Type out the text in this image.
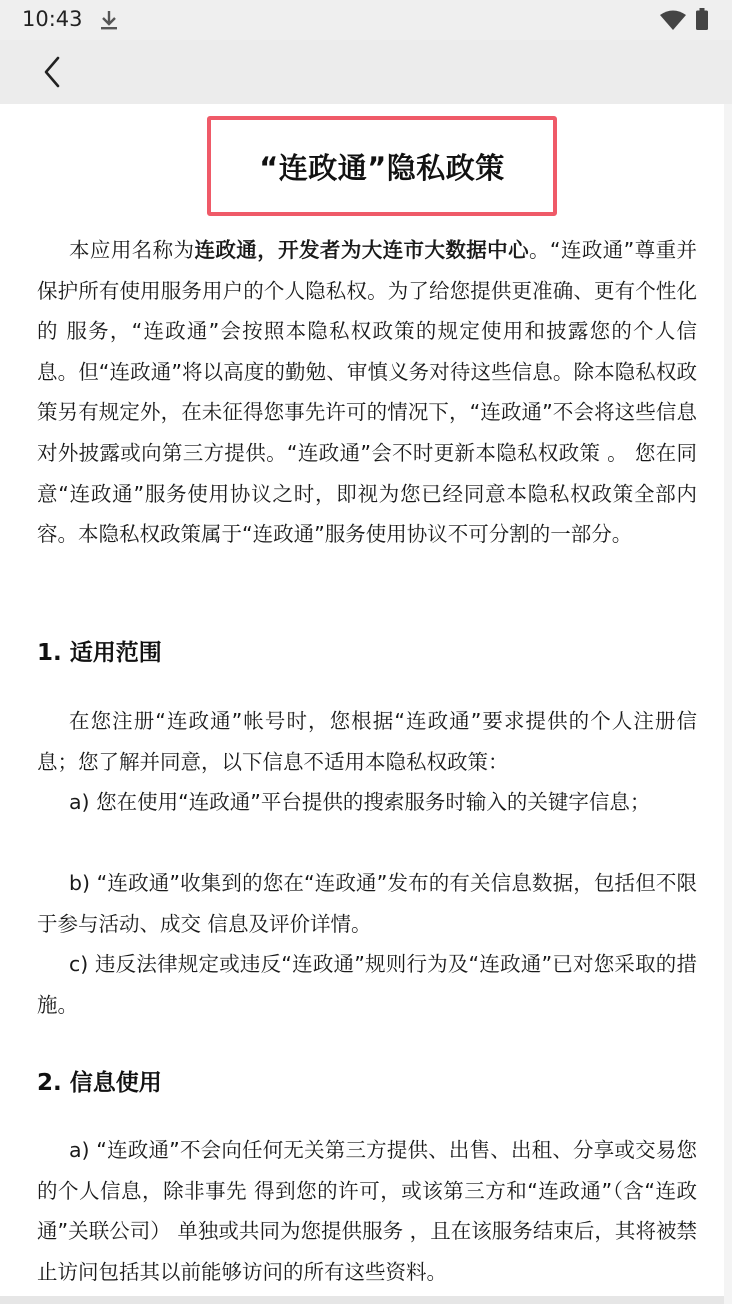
10:43
“连政通”隐私政策

本应用名称为连政通，开发者为大连市大数据中心。“连政通”尊重并保护所有使用服务用户的个人隐私权。为了给您提供更准确、更有个性化的 服务，“连政通”会按照本隐私权政策的规定使用和披露您的个人信息。但“连政通”将以高度的勤勉、审慎义务对待这些信息。除本隐私权政策另有规定外，在未征得您事先许可的情况下，“连政通”不会将这些信息对外披露或向第三方提供。“连政通”会不时更新本隐私权政策 。 您在同意“连政通”服务使用协议之时，即视为您已经同意本隐私权政策全部内容。本隐私权政策属于“连政通”服务使用协议不可分割的一部分。

1. 适用范围

在您注册“连政通”帐号时，您根据“连政通”要求提供的个人注册信息；您了解并同意，以下信息不适用本隐私权政策：

a) 您在使用“连政通”平台提供的搜索服务时输入的关键字信息；

b) “连政通”收集到的您在“连政通”发布的有关信息数据，包括但不限于参与活动、成交 信息及评价详情。

c) 违反法律规定或违反“连政通”规则行为及“连政通”已对您采取的措施。

2. 信息使用

a) “连政通”不会向任何无关第三方提供、出售、出租、分享或交易您的个人信息，除非事先 得到您的许可，或该第三方和“连政通”（含“连政通”关联公司） 单独或共同为您提供服务 ，且在该服务结束后，其将被禁止访问包括其以前能够访问的所有这些资料。
